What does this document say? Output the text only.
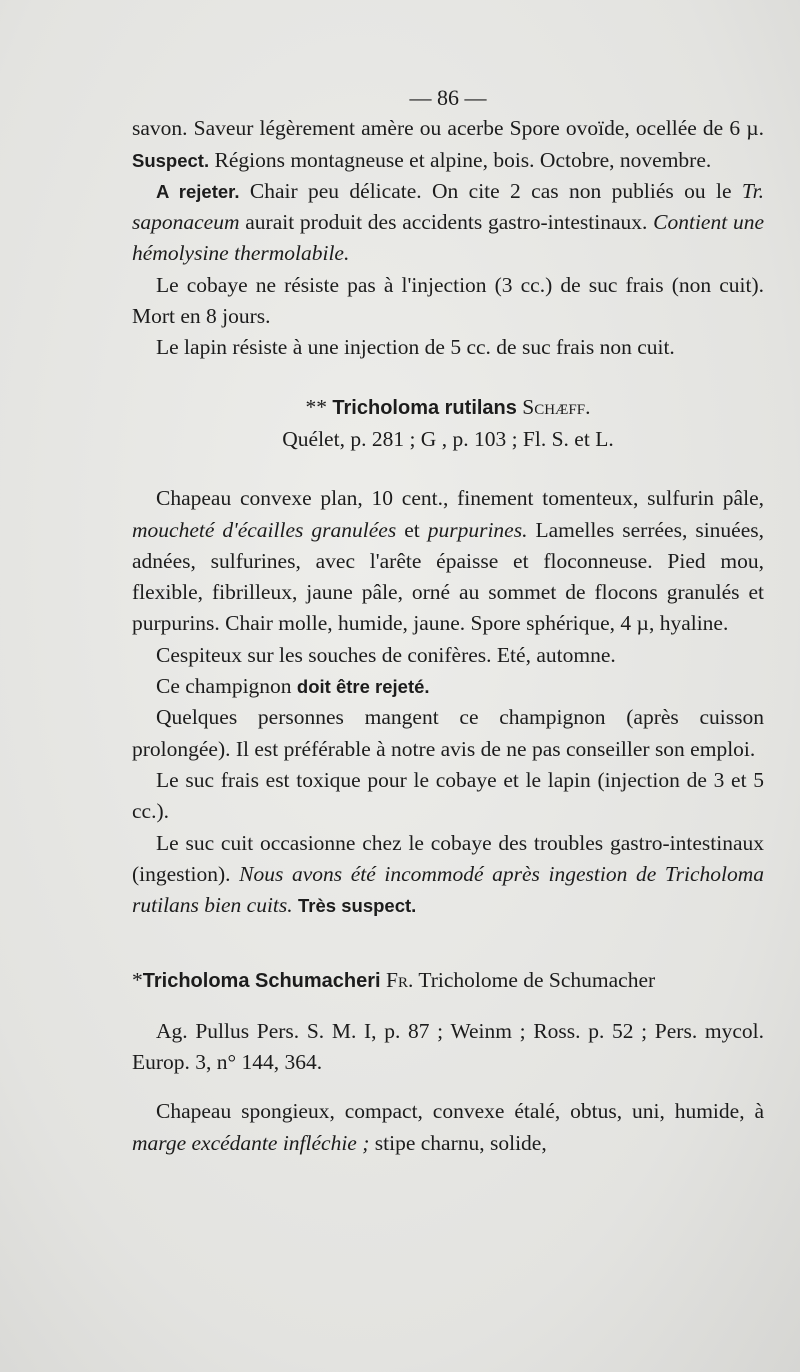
— 86 —

savon. Saveur légèrement amère ou acerbe Spore ovoïde, ocellée de 6 µ. Suspect. Régions montagneuse et alpine, bois. Octobre, novembre.

A rejeter. Chair peu délicate. On cite 2 cas non publiés ou le Tr. saponaceum aurait produit des accidents gastro-intestinaux. Contient une hémolysine thermolabile.

Le cobaye ne résiste pas à l'injection (3 cc.) de suc frais (non cuit). Mort en 8 jours.

Le lapin résiste à une injection de 5 cc. de suc frais non cuit.

** Tricholoma rutilans Schæff.

Quélet, p. 281 ; G , p. 103 ; Fl. S. et L.

Chapeau convexe plan, 10 cent., finement tomenteux, sulfurin pâle, moucheté d'écailles granulées et purpurines. Lamelles serrées, sinuées, adnées, sulfurines, avec l'arête épaisse et floconneuse. Pied mou, flexible, fibrilleux, jaune pâle, orné au sommet de flocons granulés et purpurins. Chair molle, humide, jaune. Spore sphérique, 4 µ, hyaline.

Cespiteux sur les souches de conifères. Eté, automne.

Ce champignon doit être rejeté.

Quelques personnes mangent ce champignon (après cuisson prolongée). Il est préférable à notre avis de ne pas conseiller son emploi.

Le suc frais est toxique pour le cobaye et le lapin (injection de 3 et 5 cc.).

Le suc cuit occasionne chez le cobaye des troubles gastro-intestinaux (ingestion). Nous avons été incommodé après ingestion de Tricholoma rutilans bien cuits. Très suspect.

*Tricholoma Schumacheri Fr. Tricholome de Schumacher

Ag. Pullus Pers. S. M. I, p. 87 ; Weinm ; Ross. p. 52 ; Pers. mycol. Europ. 3, n° 144, 364.

Chapeau spongieux, compact, convexe étalé, obtus, uni, humide, à marge excédante infléchie ; stipe charnu, solide,
